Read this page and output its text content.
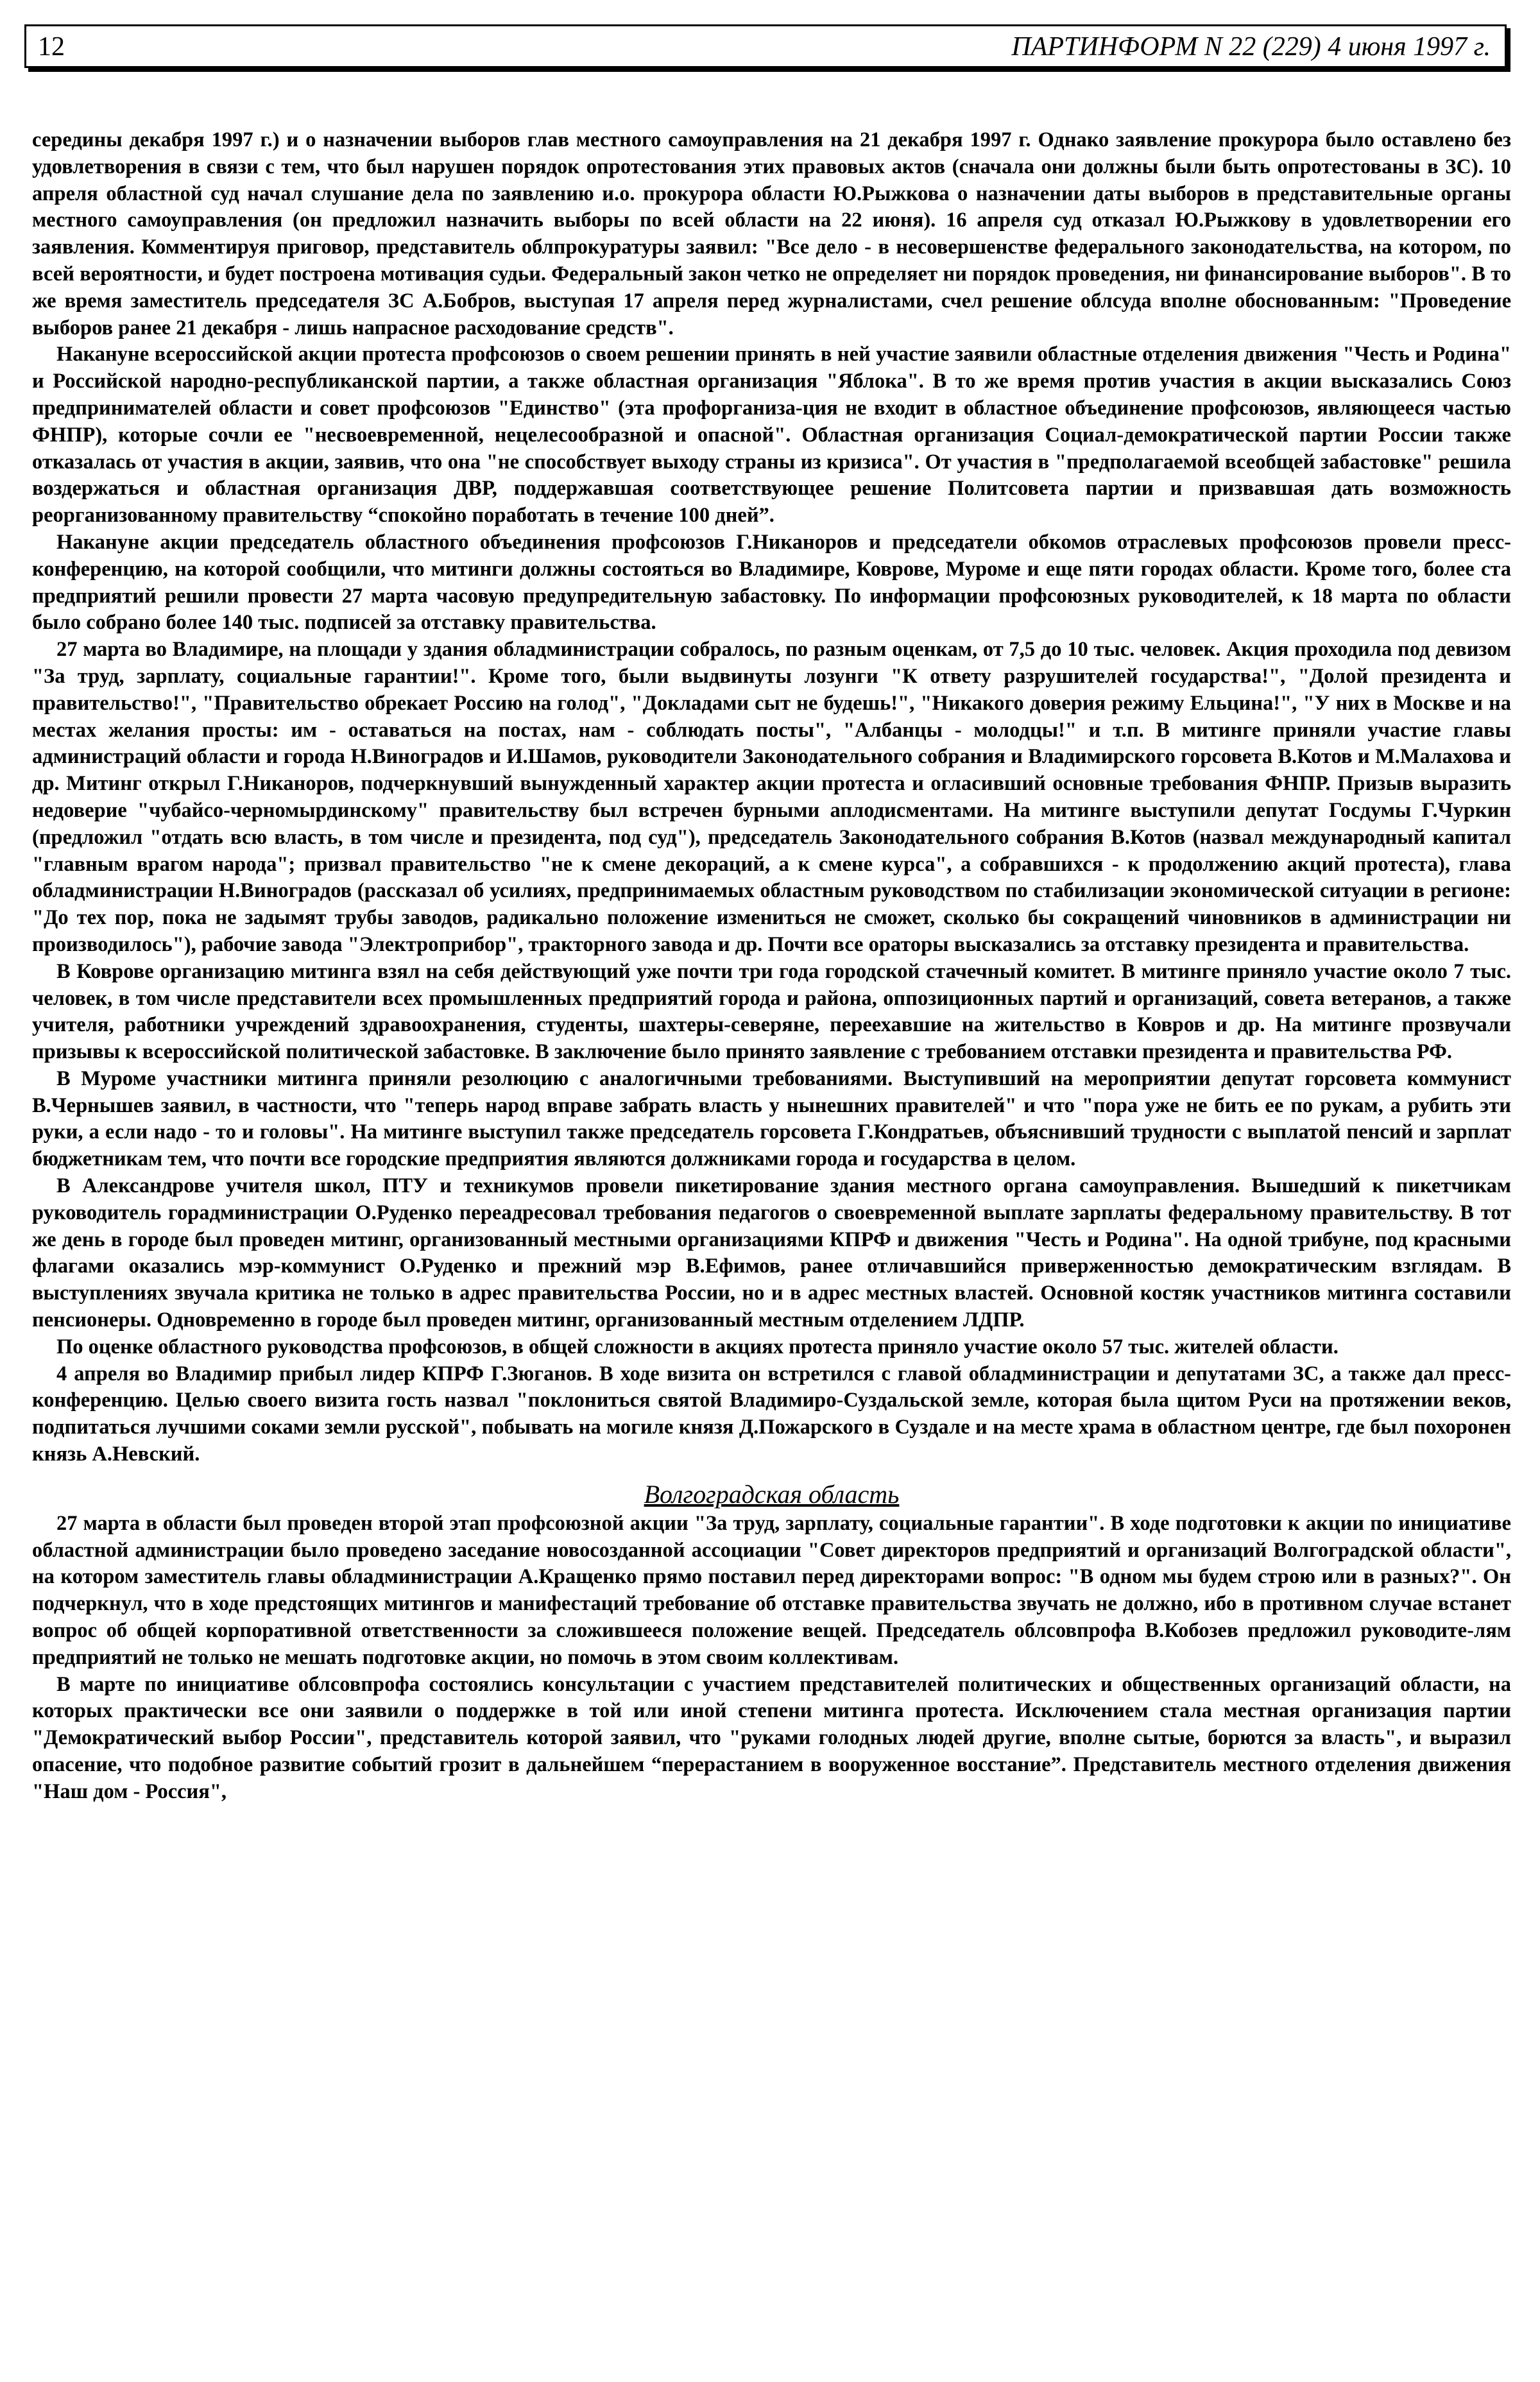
12	ПАРТИНФОРМ N 22 (229) 4 июня 1997 г.

середины декабря 1997 г.) и о назначении выборов глав местного самоуправления на 21 декабря 1997 г. Однако заявление прокурора было оставлено без удовлетворения в связи с тем, что был нарушен порядок опротестования этих правовых актов (сначала они должны были быть опротестованы в ЗС). 10 апреля областной суд начал слушание дела по заявлению и.о. прокурора области Ю.Рыжкова о назначении даты выборов в представительные органы местного самоуправления (он предложил назначить выборы по всей области на 22 июня). 16 апреля суд отказал Ю.Рыжкову в удовлетворении его заявления. Комментируя приговор, представитель облпрокуратуры заявил: "Все дело - в несовершенстве федерального законодательства, на котором, по всей вероятности, и будет построена мотивация судьи. Федеральный закон четко не определяет ни порядок проведения, ни финансирование выборов". В то же время заместитель председателя ЗС А.Бобров, выступая 17 апреля перед журналистами, счел решение облсуда вполне обоснованным: "Проведение выборов ранее 21 декабря - лишь напрасное расходование средств".

Накануне всероссийской акции протеста профсоюзов о своем решении принять в ней участие заявили областные отделения движения "Честь и Родина" и Российской народно-республиканской партии, а также областная организация "Яблока". В то же время против участия в акции высказались Союз предпринимателей области и совет профсоюзов "Единство" (эта профорганиза-ция не входит в областное объединение профсоюзов, являющееся частью ФНПР), которые сочли ее "несвоевременной, нецелесообразной и опасной". Областная организация Социал-демократической партии России также отказалась от участия в акции, заявив, что она "не способствует выходу страны из кризиса". От участия в "предполагаемой всеобщей забастовке" решила воздержаться и областная организация ДВР, поддержавшая соответствующее решение Политсовета партии и призвавшая дать возможность реорганизованному правительству “спокойно поработать в течение 100 дней”.

Накануне акции председатель областного объединения профсоюзов Г.Никаноров и председатели обкомов отраслевых профсоюзов провели пресс-конференцию, на которой сообщили, что митинги должны состояться во Владимире, Коврове, Муроме и еще пяти городах области. Кроме того, более ста предприятий решили провести 27 марта часовую предупредительную забастовку. По информации профсоюзных руководителей, к 18 марта по области было собрано более 140 тыс. подписей за отставку правительства.

27 марта во Владимире, на площади у здания обладминистрации собралось, по разным оценкам, от 7,5 до 10 тыс. человек. Акция проходила под девизом "За труд, зарплату, социальные гарантии!". Кроме того, были выдвинуты лозунги "К ответу разрушителей государства!", "Долой президента и правительство!", "Правительство обрекает Россию на голод", "Докладами сыт не будешь!", "Никакого доверия режиму Ельцина!", "У них в Москве и на местах желания просты: им - оставаться на постах, нам - соблюдать посты", "Албанцы - молодцы!" и т.п. В митинге приняли участие главы администраций области и города Н.Виноградов и И.Шамов, руководители Законодательного собрания и Владимирского горсовета В.Котов и М.Малахова и др. Митинг открыл Г.Никаноров, подчеркнувший вынужденный характер акции протеста и огласивший основные требования ФНПР. Призыв выразить недоверие "чубайсо-черномырдинскому" правительству был встречен бурными аплодисментами. На митинге выступили депутат Госдумы Г.Чуркин (предложил "отдать всю власть, в том числе и президента, под суд"), председатель Законодательного собрания В.Котов (назвал международный капитал "главным врагом народа"; призвал правительство "не к смене декораций, а к смене курса", а собравшихся - к продолжению акций протеста), глава обладминистрации Н.Виноградов (рассказал об усилиях, предпринимаемых областным руководством по стабилизации экономической ситуации в регионе: "До тех пор, пока не задымят трубы заводов, радикально положение измениться не сможет, сколько бы сокращений чиновников в администрации ни производилось"), рабочие завода "Электроприбор", тракторного завода и др. Почти все ораторы высказались за отставку президента и правительства.

В Коврове организацию митинга взял на себя действующий уже почти три года городской стачечный комитет. В митинге приняло участие около 7 тыс. человек, в том числе представители всех промышленных предприятий города и района, оппозиционных партий и организаций, совета ветеранов, а также учителя, работники учреждений здравоохранения, студенты, шахтеры-северяне, переехавшие на жительство в Ковров и др. На митинге прозвучали призывы к всероссийской политической забастовке. В заключение было принято заявление с требованием отставки президента и правительства РФ.

В Муроме участники митинга приняли резолюцию с аналогичными требованиями. Выступивший на мероприятии депутат горсовета коммунист В.Чернышев заявил, в частности, что "теперь народ вправе забрать власть у нынешних правителей" и что "пора уже не бить ее по рукам, а рубить эти руки, а если надо - то и головы". На митинге выступил также председатель горсовета Г.Кондратьев, объяснивший трудности с выплатой пенсий и зарплат бюджетникам тем, что почти все городские предприятия являются должниками города и государства в целом.

В Александрове учителя школ, ПТУ и техникумов провели пикетирование здания местного органа самоуправления. Вышедший к пикетчикам руководитель горадминистрации О.Руденко переадресовал требования педагогов о своевременной выплате зарплаты федеральному правительству. В тот же день в городе был проведен митинг, организованный местными организациями КПРФ и движения "Честь и Родина". На одной трибуне, под красными флагами оказались мэр-коммунист О.Руденко и прежний мэр В.Ефимов, ранее отличавшийся приверженностью демократическим взглядам. В выступлениях звучала критика не только в адрес правительства России, но и в адрес местных властей. Основной костяк участников митинга составили пенсионеры. Одновременно в городе был проведен митинг, организованный местным отделением ЛДПР.

По оценке областного руководства профсоюзов, в общей сложности в акциях протеста приняло участие около 57 тыс. жителей области.

4 апреля во Владимир прибыл лидер КПРФ Г.Зюганов. В ходе визита он встретился с главой обладминистрации и депутатами ЗС, а также дал пресс-конференцию. Целью своего визита гость назвал "поклониться святой Владимиро-Суздальской земле, которая была щитом Руси на протяжении веков, подпитаться лучшими соками земли русской", побывать на могиле князя Д.Пожарского в Суздале и на месте храма в областном центре, где был похоронен князь А.Невский.

Волгоградская область

27 марта в области был проведен второй этап профсоюзной акции "За труд, зарплату, социальные гарантии". В ходе подготовки к акции по инициативе областной администрации было проведено заседание новосозданной ассоциации "Совет директоров предприятий и организаций Волгоградской области", на котором заместитель главы обладминистрации А.Кращенко прямо поставил перед директорами вопрос: "В одном мы будем строю или в разных?". Он подчеркнул, что в ходе предстоящих митингов и манифестаций требование об отставке правительства звучать не должно, ибо в противном случае встанет вопрос об общей корпоративной ответственности за сложившееся положение вещей. Председатель облсовпрофа В.Кобозев предложил руководите-лям предприятий не только не мешать подготовке акции, но помочь в этом своим коллективам.

В марте по инициативе облсовпрофа состоялись консультации с участием представителей политических и общественных организаций области, на которых практически все они заявили о поддержке в той или иной степени митинга протеста. Исключением стала местная организация партии "Демократический выбор России", представитель которой заявил, что "руками голодных людей другие, вполне сытые, борются за власть", и выразил опасение, что подобное развитие событий грозит в дальнейшем “перерастанием в вооруженное восстание”. Представитель местного отделения движения "Наш дом - Россия",
